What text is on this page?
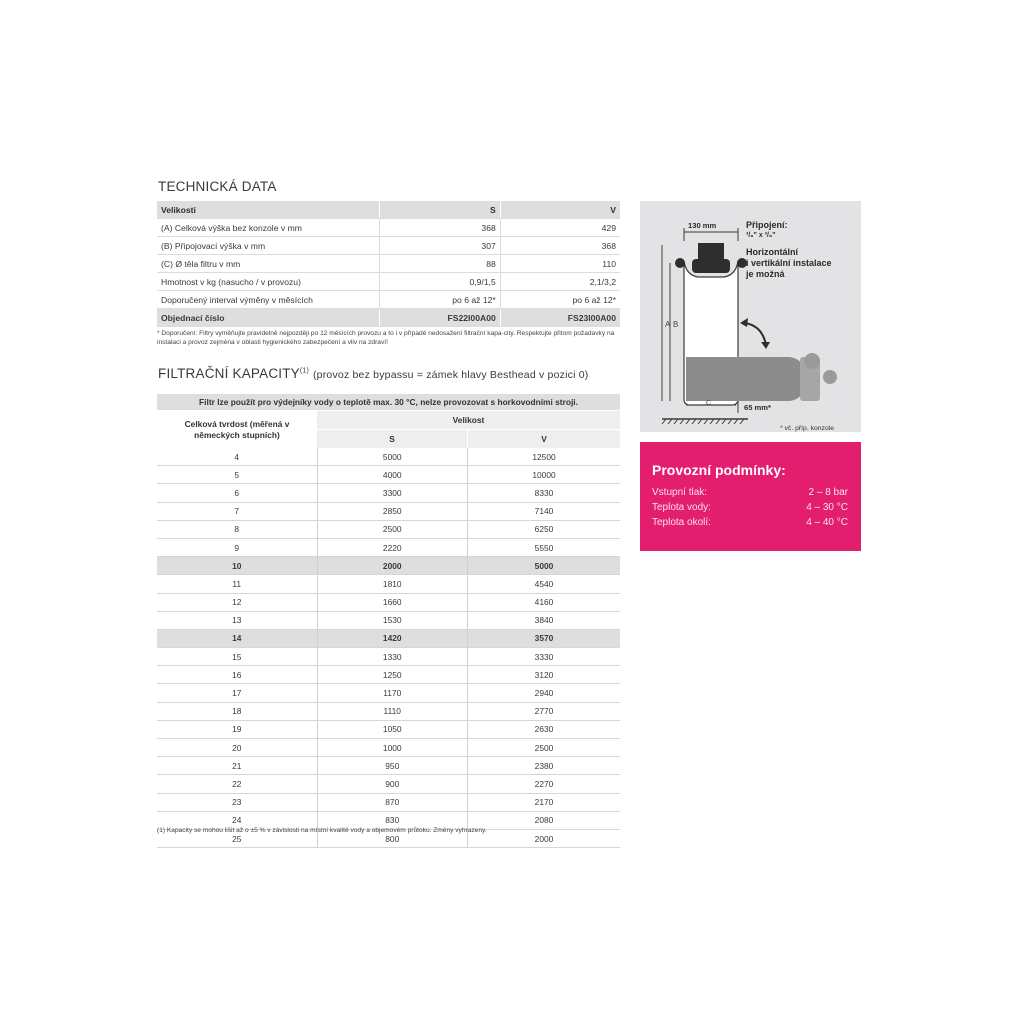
TECHNICKÁ DATA
Velikosti	S	V
(A) Celková výška bez konzole v mm	368	429
(B) Připojovací výška v mm	307	368
(C) Ø těla filtru v mm	88	110
Hmotnost v kg (nasucho / v provozu)	0,9/1,5	2,1/3,2
Doporučený interval výměny v měsících	po 6 až 12*	po 6 až 12*
Objednací číslo	FS22I00A00	FS23I00A00
* Doporučení: Filtry vyměňujte pravidelně nejpozději po 12 měsících provozu a to i v případě nedosažení filtrační kapa-city. Respektujte přitom požadavky na instalaci a provoz zejména v oblasti hygienického zabezpečení a vliv na zdraví!
FILTRAČNÍ KAPACITY$^{(1)}$ (provoz bez bypassu = zámek hlavy Besthead v pozici 0)
Filtr lze použít pro výdejníky vody o teplotě max. 30 °C, nelze provozovat s horkovodními stroji.
Celková tvrdost (měřená v
německých stupních)	Velikost	
	S	V
4	5000	12500
5	4000	10000
6	3300	8330
7	2850	7140
8	2500	6250
9	2220	5550
10	2000	5000
11	1810	4540
12	1660	4160
13	1530	3840
14	1420	3570
15	1330	3330
16	1250	3120
17	1170	2940
18	1110	2770
19	1050	2630
20	1000	2500
21	950	2380
22	900	2270
23	870	2170
24	830	2080
25	800	2000
(1) Kapacity se mohou lišit až o ±5 % v závislosti na místní kvalitě vody a objemovém průtoku. Změny vyhrazeny.
130 mm	Připojení:
³/₈" x ³/₈"
Horizontální
i vertikální instalace
je možná
A B
C	65 mm*
* vč. příp. konzole
Provozní podmínky:
Vstupní tlak:	2 – 8 bar
Teplota vody:	4 – 30 °C
Teplota okolí:	4 – 40 °C
